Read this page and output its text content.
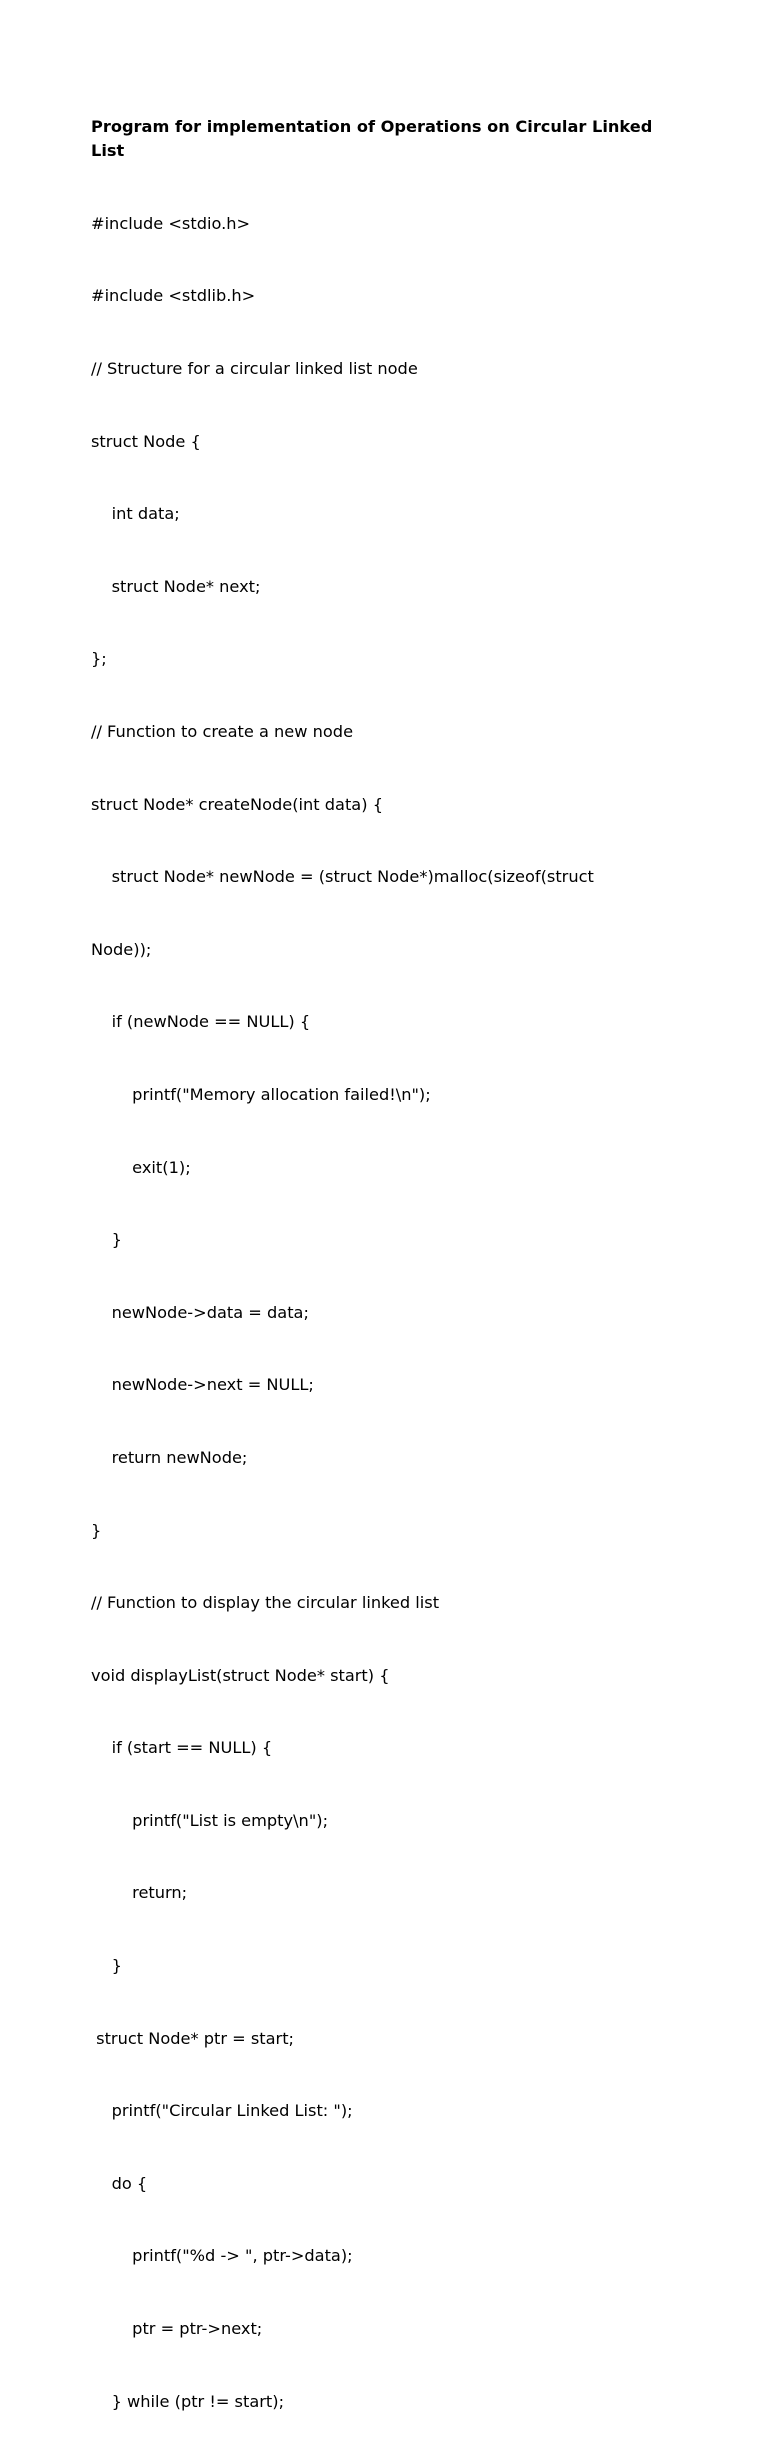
Program for implementation of Operations on Circular Linked List

#include <stdio.h>

#include <stdlib.h>

// Structure for a circular linked list node

struct Node {

int data;

struct Node* next;

};

// Function to create a new node

struct Node* createNode(int data) {

struct Node* newNode = (struct Node*)malloc(sizeof(struct

Node));

if (newNode == NULL) {

printf("Memory allocation failed!\n");

exit(1);

}

newNode->data = data;

newNode->next = NULL;

return newNode;

}

// Function to display the circular linked list

void displayList(struct Node* start) {

if (start == NULL) {

printf("List is empty\n");

return;

}

struct Node* ptr = start;

printf("Circular Linked List: ");

do {

printf("%d -> ", ptr->data);

ptr = ptr->next;

} while (ptr != start);
